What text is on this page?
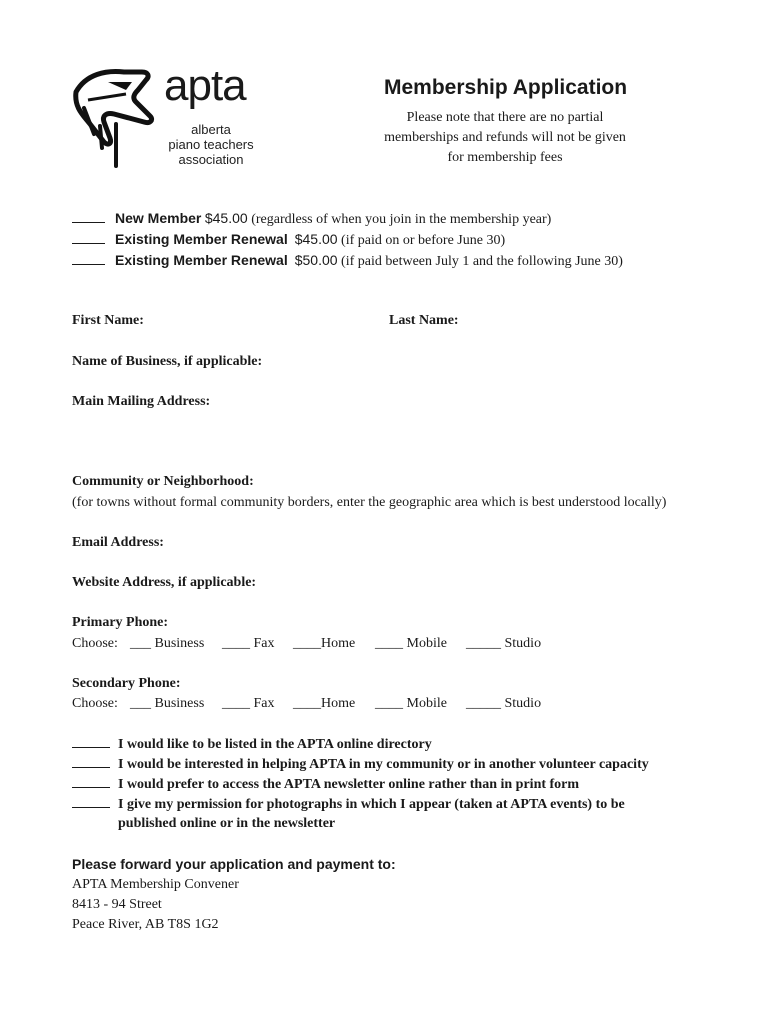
apta
alberta
piano teachers
association
Membership Application
Please note that there are no partial
memberships and refunds will not be given
for membership fees
New Member $45.00 (regardless of when you join in the membership year)
Existing Member Renewal $45.00 (if paid on or before June 30)
Existing Member Renewal $50.00 (if paid between July 1 and the following June 30)
First Name:	Last Name:
Name of Business, if applicable:
Main Mailing Address:
Community or Neighborhood:
(for towns without formal community borders, enter the geographic area which is best understood locally)
Email Address:
Website Address, if applicable:
Primary Phone:
Choose: ___ Business ____ Fax ____Home ____ Mobile _____ Studio
Secondary Phone:
Choose: ___ Business ____ Fax ____Home ____ Mobile _____ Studio
I would like to be listed in the APTA online directory
I would be interested in helping APTA in my community or in another volunteer capacity
I would prefer to access the APTA newsletter online rather than in print form
I give my permission for photographs in which I appear (taken at APTA events) to be
published online or in the newsletter
Please forward your application and payment to:
APTA Membership Convener
8413 - 94 Street
Peace River, AB T8S 1G2
